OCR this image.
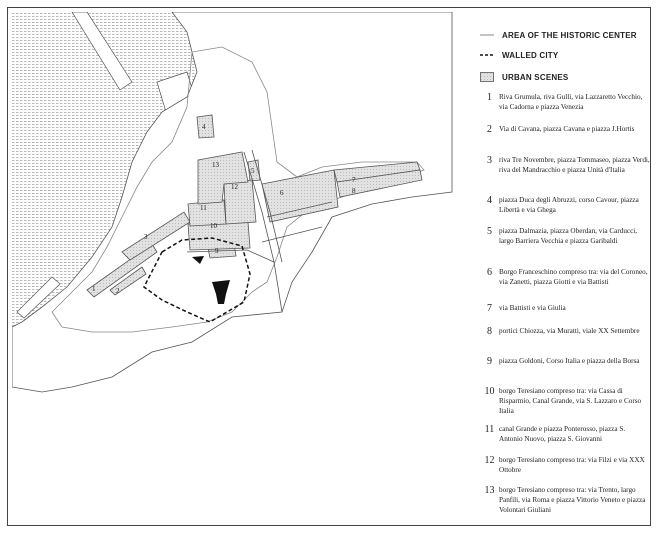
1	2
3
4
5
6
7
8
9
10
11
12
13
AREA OF THE HISTORIC CENTER
WALLED CITY
URBAN SCENES
1 Riva Grumula, riva Gulli, via Lazzaretto Vecchio, via Cadorna e piazza Venezia
2 Via di Cavana, piazza Cavana e piazza J.Hortis
3 riva Tre Novembre, piazza Tommaseo, piazza Verdi, riva del Mandracchio e piazza Unità d'Italia
4 piazza Duca degli Abruzzi, corso Cavour, piazza Libertà e via Ghega
5 piazza Dalmazia, piazza Oberdan, via Carducci, largo Barriera Vecchia e piazza Garibaldi
6 Borgo Franceschino compreso tra: via del Coroneo, via Zanetti, piazza Giotti e via Battisti
7 via Battisti e via Giulia
8 portici Chiozza, via Muratti, viale XX Settembre
9 piazza Goldoni, Corso Italia e piazza della Borsa
10 borgo Teresiano compreso tra: via Cassa di Risparmio, Canal Grande, via S. Lazzaro e Corso Italia
11 canal Grande e piazza Ponterosso, piazza S. Antonio Nuovo, piazza S. Giovanni
12 borgo Teresiano compreso tra: via Filzi e via XXX Ottobre
13 borgo Teresiano compreso tra: via Trento, largo Panfili, via Roma e piazza Vittorio Veneto e piazza Volontari Giuliani
